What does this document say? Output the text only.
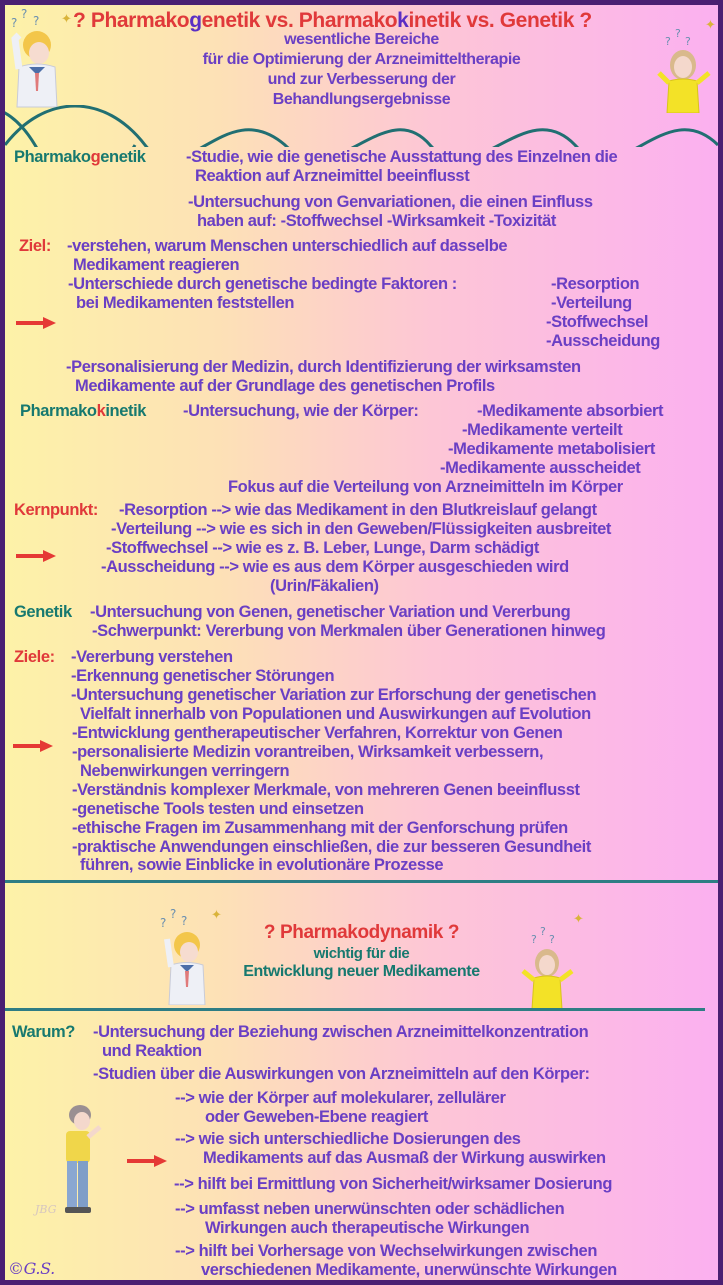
? Pharmakogenetik vs. Pharmakokinetik vs. Genetik ?
wesentliche Bereiche
für die Optimierung der Arzneimitteltherapie
und zur Verbesserung der
Behandlungsergebnisse
?
? ? ✦
?
?
?
✦
Pharmakogenetik -Studie, wie die genetische Ausstattung des Einzelnen die
Reaktion auf Arzneimittel beeinflusst
-Untersuchung von Genvariationen, die einen Einfluss
haben auf: -Stoffwechsel -Wirksamkeit -Toxizität
Ziel: -verstehen, warum Menschen unterschiedlich auf dasselbe
Medikament reagieren
-Unterschiede durch genetische bedingte Faktoren :
bei Medikamenten feststellen
-Resorption
-Verteilung
-Stoffwechsel
-Ausscheidung
-Personalisierung der Medizin, durch Identifizierung der wirksamsten
Medikamente auf der Grundlage des genetischen Profils
Pharmakokinetik -Untersuchung, wie der Körper:	-Medikamente absorbiert
-Medikamente verteilt
-Medikamente metabolisiert
-Medikamente ausscheidet
Fokus auf die Verteilung von Arzneimitteln im Körper
Kernpunkt: -Resorption --> wie das Medikament in den Blutkreislauf gelangt
-Verteilung --> wie es sich in den Geweben/Flüssigkeiten ausbreitet
-Stoffwechsel --> wie es z. B. Leber, Lunge, Darm schädigt
-Ausscheidung --> wie es aus dem Körper ausgeschieden wird
(Urin/Fäkalien)
Genetik -Untersuchung von Genen, genetischer Variation und Vererbung
-Schwerpunkt: Vererbung von Merkmalen über Generationen hinweg
Ziele: -Vererbung verstehen
-Erkennung genetischer Störungen
-Untersuchung genetischer Variation zur Erforschung der genetischen
Vielfalt innerhalb von Populationen und Auswirkungen auf Evolution
-Entwicklung gentherapeutischer Verfahren, Korrektur von Genen
-personalisierte Medizin vorantreiben, Wirksamkeit verbessern,
Nebenwirkungen verringern
-Verständnis komplexer Merkmale, von mehreren Genen beeinflusst
-genetische Tools testen und einsetzen
-ethische Fragen im Zusammenhang mit der Genforschung prüfen
-praktische Anwendungen einschließen, die zur besseren Gesundheit
führen, sowie Einblicke in evolutionäre Prozesse
?
? ? ✦
? Pharmakodynamik ?
wichtig für die
Entwicklung neuer Medikamente
?
?
?
✦
Warum? -Untersuchung der Beziehung zwischen Arzneimittelkonzentration
und Reaktion
-Studien über die Auswirkungen von Arzneimitteln auf den Körper:
--> wie der Körper auf molekularer, zellulärer
oder Geweben-Ebene reagiert
--> wie sich unterschiedliche Dosierungen des
Medikaments auf das Ausmaß der Wirkung auswirken
--> hilft bei Ermittlung von Sicherheit/wirksamer Dosierung
--> umfasst neben unerwünschten oder schädlichen
Wirkungen auch therapeutische Wirkungen
--> hilft bei Vorhersage von Wechselwirkungen zwischen
verschiedenen Medikamente, unerwünschte Wirkungen
JBG
©G.S.
